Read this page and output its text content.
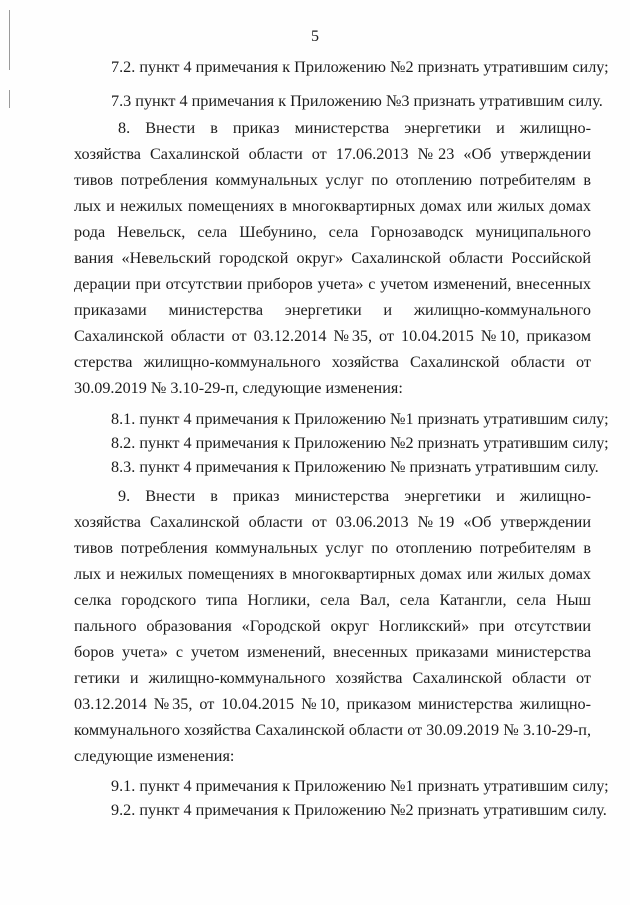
5
7.2. пункт 4 примечания к Приложению №2 признать утратившим силу;
7.3 пункт 4 примечания к Приложению №3 признать утратившим силу.
8. Внести в приказ министерства энергетики и жилищно-
хозяйства Сахалинской области от 17.06.2013 №23 «Об утверждении
тивов потребления коммунальных услуг по отоплению потребителям в
лых и нежилых помещениях в многоквартирных домах или жилых домах
рода Невельск, села Шебунино, села Горнозаводск муниципального
вания «Невельский городской округ» Сахалинской области Российской
дерации при отсутствии приборов учета» с учетом изменений, внесенных
приказами министерства энергетики и жилищно-коммунального
Сахалинской области от 03.12.2014 №35, от 10.04.2015 №10, приказом
стерства жилищно-коммунального хозяйства Сахалинской области от
30.09.2019 № 3.10-29-п, следующие изменения:
8.1. пункт 4 примечания к Приложению №1 признать утратившим силу;
8.2. пункт 4 примечания к Приложению №2 признать утратившим силу;
8.3. пункт 4 примечания к Приложению № признать утратившим силу.
9. Внести в приказ министерства энергетики и жилищно-
хозяйства Сахалинской области от 03.06.2013 №19 «Об утверждении
тивов потребления коммунальных услуг по отоплению потребителям в
лых и нежилых помещениях в многоквартирных домах или жилых домах
селка городского типа Ноглики, села Вал, села Катангли, села Ныш
пального образования «Городской округ Ногликский» при отсутствии
боров учета» с учетом изменений, внесенных приказами министерства
гетики и жилищно-коммунального хозяйства Сахалинской области от
03.12.2014 №35, от 10.04.2015 №10, приказом министерства жилищно-
коммунального хозяйства Сахалинской области от 30.09.2019 № 3.10-29-п,
следующие изменения:
9.1. пункт 4 примечания к Приложению №1 признать утратившим силу;
9.2. пункт 4 примечания к Приложению №2 признать утратившим силу.
